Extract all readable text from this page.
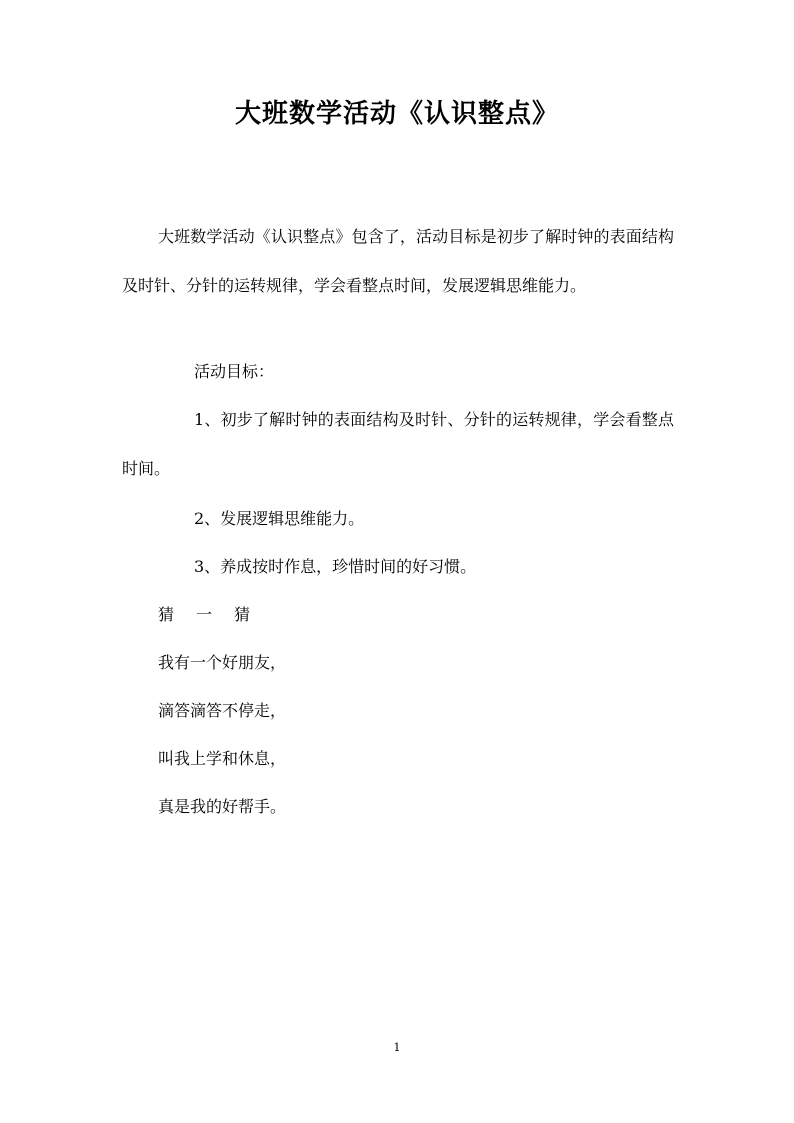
大班数学活动《认识整点》

大班数学活动《认识整点》包含了，活动目标是初步了解时钟的表面结构及时针、分针的运转规律，学会看整点时间，发展逻辑思维能力。

活动目标：

1、初步了解时钟的表面结构及时针、分针的运转规律，学会看整点时间。

2、发展逻辑思维能力。

3、养成按时作息，珍惜时间的好习惯。

猜 一 猜

我有一个好朋友，

滴答滴答不停走，

叫我上学和休息，

真是我的好帮手。

1
